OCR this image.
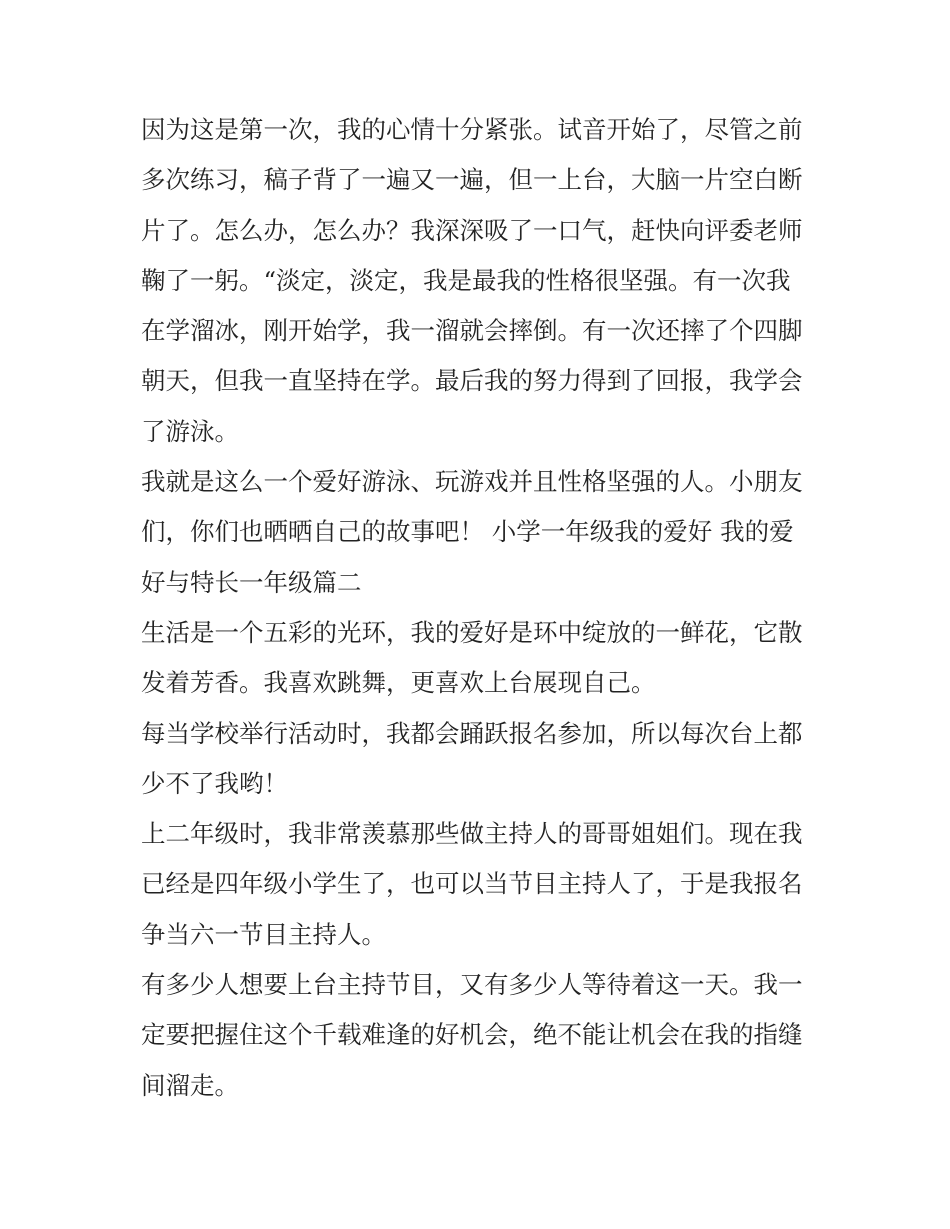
因为这是第一次，我的心情十分紧张。试音开始了，尽管之前
多次练习，稿子背了一遍又一遍，但一上台，大脑一片空白断
片了。怎么办，怎么办？我深深吸了一口气，赶快向评委老师
鞠了一躬。“淡定，淡定，我是最我的性格很坚强。有一次我
在学溜冰，刚开始学，我一溜就会摔倒。有一次还摔了个四脚
朝天，但我一直坚持在学。最后我的努力得到了回报，我学会
了游泳。
我就是这么一个爱好游泳、玩游戏并且性格坚强的人。小朋友
们，你们也晒晒自己的故事吧！ 小学一年级我的爱好 我的爱
好与特长一年级篇二
生活是一个五彩的光环，我的爱好是环中绽放的一鲜花，它散
发着芳香。我喜欢跳舞，更喜欢上台展现自己。
每当学校举行活动时，我都会踊跃报名参加，所以每次台上都
少不了我哟！
上二年级时，我非常羡慕那些做主持人的哥哥姐姐们。现在我
已经是四年级小学生了，也可以当节目主持人了，于是我报名
争当六一节目主持人。
有多少人想要上台主持节目，又有多少人等待着这一天。我一
定要把握住这个千载难逢的好机会，绝不能让机会在我的指缝
间溜走。
